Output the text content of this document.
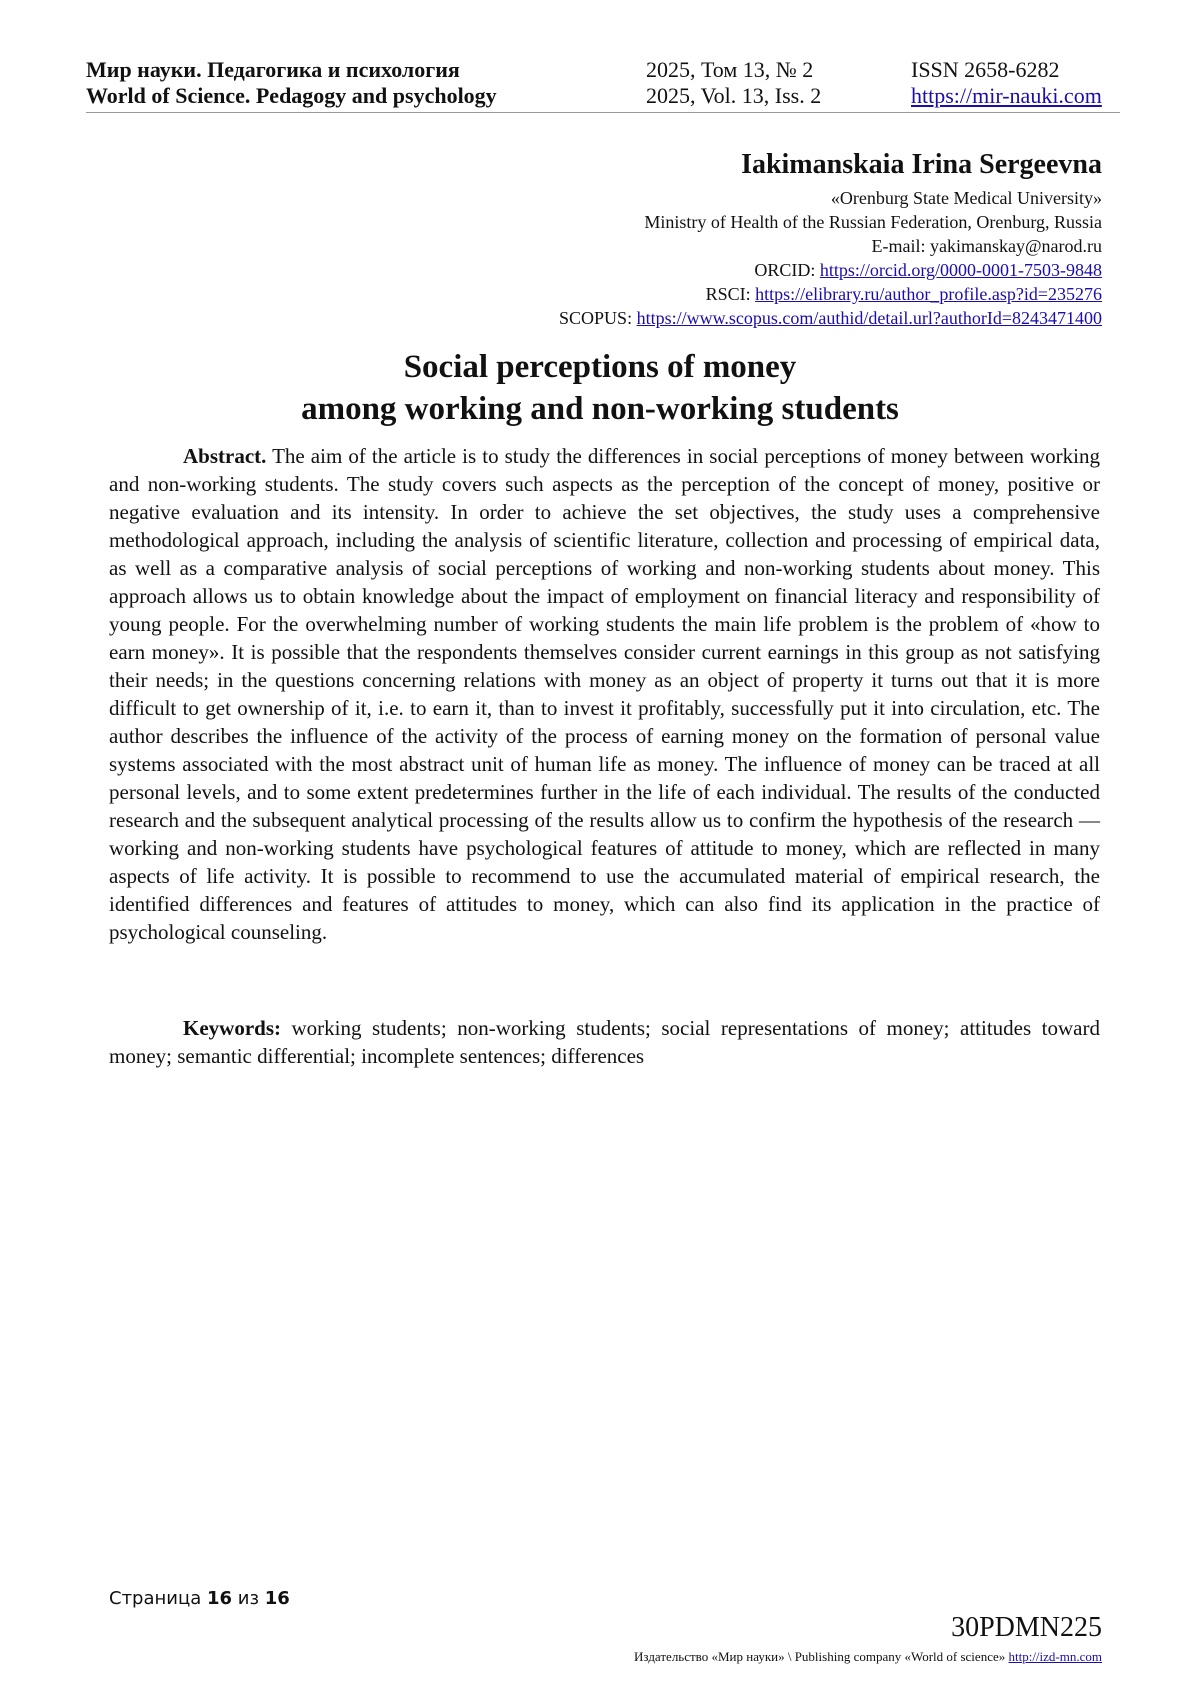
Мир науки. Педагогика и психология	2025, Том 13, № 2	ISSN 2658-6282
World of Science. Pedagogy and psychology	2025, Vol. 13, Iss. 2	https://mir-nauki.com
Iakimanskaia Irina Sergeevna
«Orenburg State Medical University»
Ministry of Health of the Russian Federation, Orenburg, Russia
E-mail: yakimanskay@narod.ru
ORCID: https://orcid.org/0000-0001-7503-9848
RSCI: https://elibrary.ru/author_profile.asp?id=235276
SCOPUS: https://www.scopus.com/authid/detail.url?authorId=8243471400
Social perceptions of money
among working and non-working students

Abstract. The aim of the article is to study the differences in social perceptions of money between working and non-working students. The study covers such aspects as the perception of the concept of money, positive or negative evaluation and its intensity. In order to achieve the set objectives, the study uses a comprehensive methodological approach, including the analysis of scientific literature, collection and processing of empirical data, as well as a comparative analysis of social perceptions of working and non-working students about money. This approach allows us to obtain knowledge about the impact of employment on financial literacy and responsibility of young people. For the overwhelming number of working students the main life problem is the problem of «how to earn money». It is possible that the respondents themselves consider current earnings in this group as not satisfying their needs; in the questions concerning relations with money as an object of property it turns out that it is more difficult to get ownership of it, i.e. to earn it, than to invest it profitably, successfully put it into circulation, etc. The author describes the influence of the activity of the process of earning money on the formation of personal value systems associated with the most abstract unit of human life as money. The influence of money can be traced at all personal levels, and to some extent predetermines further in the life of each individual. The results of the conducted research and the subsequent analytical processing of the results allow us to confirm the hypothesis of the research — working and non-working students have psychological features of attitude to money, which are reflected in many aspects of life activity. It is possible to recommend to use the accumulated material of empirical research, the identified differences and features of attitudes to money, which can also find its application in the practice of psychological counseling.

Keywords: working students; non-working students; social representations of money; attitudes toward money; semantic differential; incomplete sentences; differences

Страница 16 из 16
30PDMN225
Издательство «Мир науки» \ Publishing company «World of science» http://izd-mn.com
